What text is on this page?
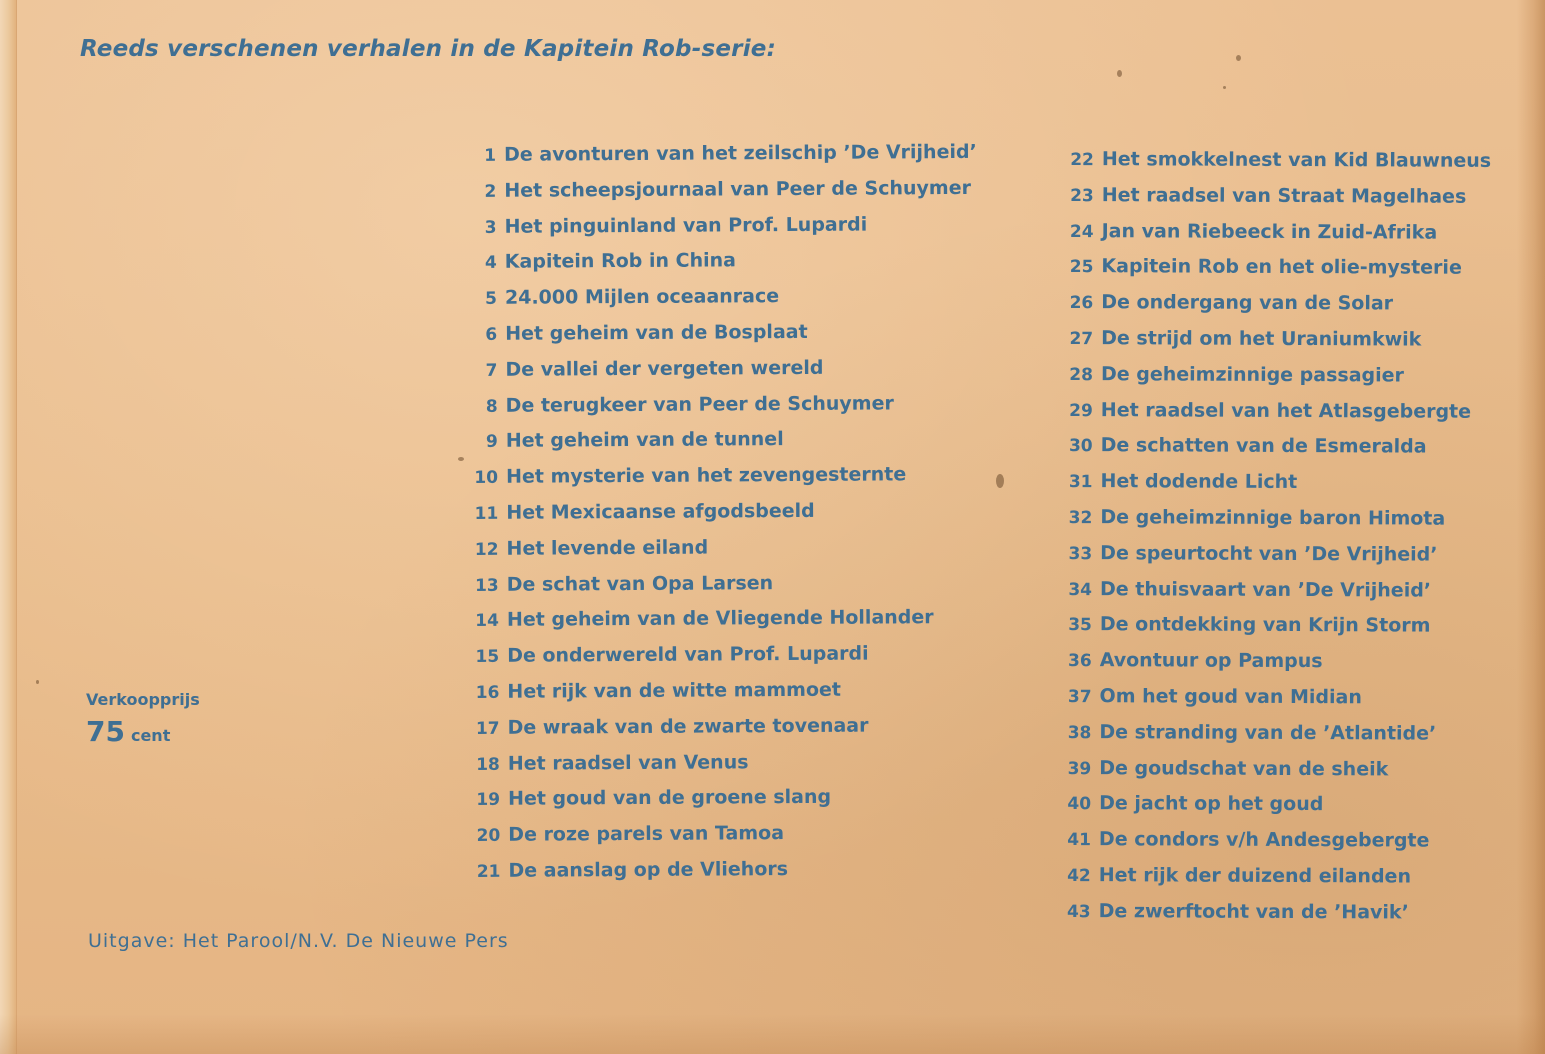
Reeds verschenen verhalen in de Kapitein Rob-serie:
1 De avonturen van het zeilschip ’De Vrijheid’
2 Het scheepsjournaal van Peer de Schuymer
3 Het pinguinland van Prof. Lupardi
4 Kapitein Rob in China
5 24.000 Mijlen oceaanrace
6 Het geheim van de Bosplaat
7 De vallei der vergeten wereld
8 De terugkeer van Peer de Schuymer
9 Het geheim van de tunnel
10 Het mysterie van het zevengesternte
11 Het Mexicaanse afgodsbeeld
12 Het levende eiland
13 De schat van Opa Larsen
14 Het geheim van de Vliegende Hollander
15 De onderwereld van Prof. Lupardi
16 Het rijk van de witte mammoet
17 De wraak van de zwarte tovenaar
18 Het raadsel van Venus
19 Het goud van de groene slang
20 De roze parels van Tamoa
21 De aanslag op de Vliehors
22 Het smokkelnest van Kid Blauwneus
23 Het raadsel van Straat Magelhaes
24 Jan van Riebeeck in Zuid-Afrika
25 Kapitein Rob en het olie-mysterie
26 De ondergang van de Solar
27 De strijd om het Uraniumkwik
28 De geheimzinnige passagier
29 Het raadsel van het Atlasgebergte
30 De schatten van de Esmeralda
31 Het dodende Licht
32 De geheimzinnige baron Himota
33 De speurtocht van ’De Vrijheid’
34 De thuisvaart van ’De Vrijheid’
35 De ontdekking van Krijn Storm
36 Avontuur op Pampus
37 Om het goud van Midian
38 De stranding van de ’Atlantide’
39 De goudschat van de sheik
40 De jacht op het goud
41 De condors v/h Andesgebergte
42 Het rijk der duizend eilanden
43 De zwerftocht van de ’Havik’
Verkoopprijs
75 cent
Uitgave: Het Parool/N.V. De Nieuwe Pers
